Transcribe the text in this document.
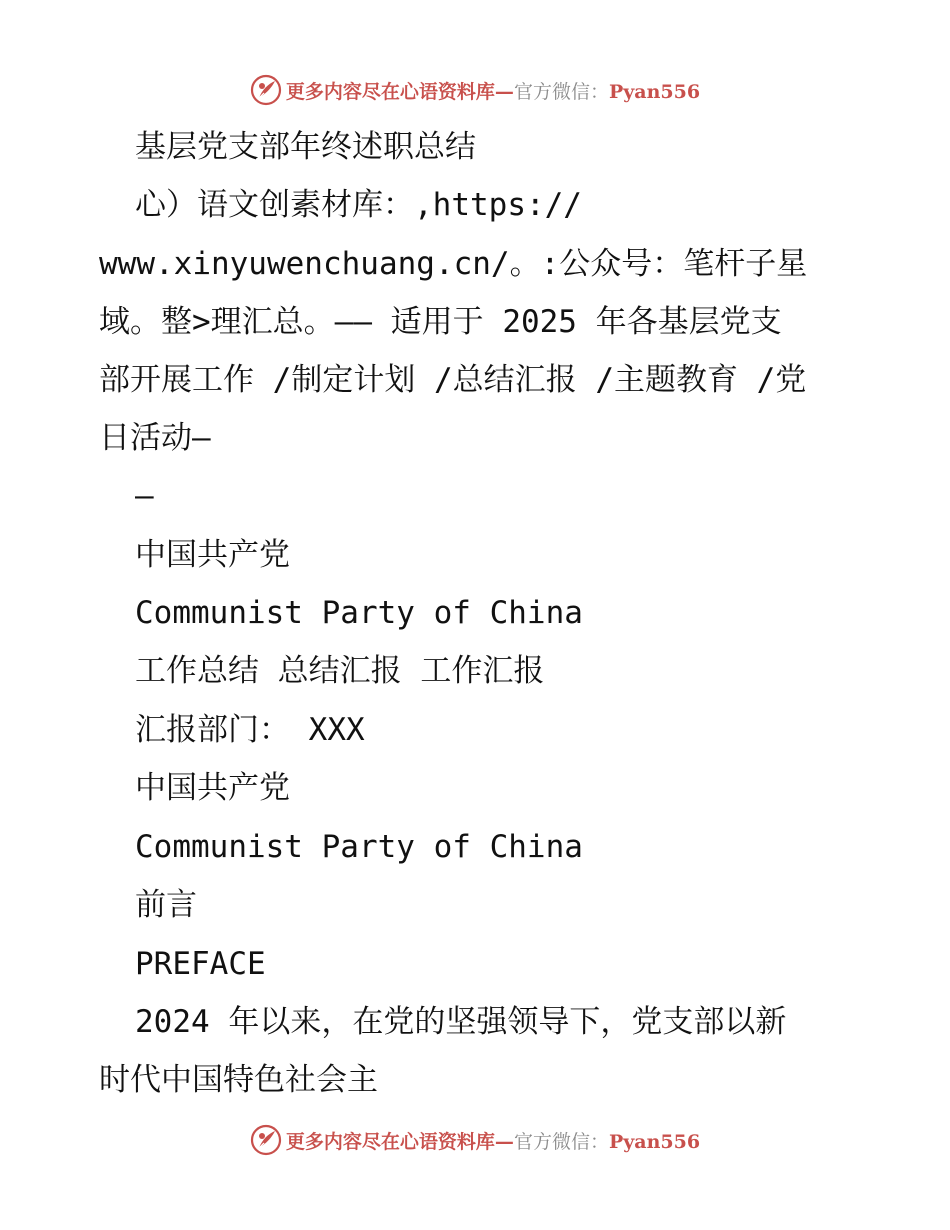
更多内容尽在心语资料库—官方微信：Pyan556
基层党支部年终述职总结
心）语文创素材库：,https://
www.xinyuwenchuang.cn/。:公众号：笔杆子星
域。整>理汇总。—— 适用于 2025 年各基层党支
部开展工作 /制定计划 /总结汇报 /主题教育 /党
日活动—
—
中国共产党
Communist Party of China
工作总结 总结汇报 工作汇报
汇报部门： XXX
中国共产党
Communist Party of China
前言
PREFACE
2024 年以来，在党的坚强领导下，党支部以新
时代中国特色社会主
更多内容尽在心语资料库—官方微信：Pyan556
